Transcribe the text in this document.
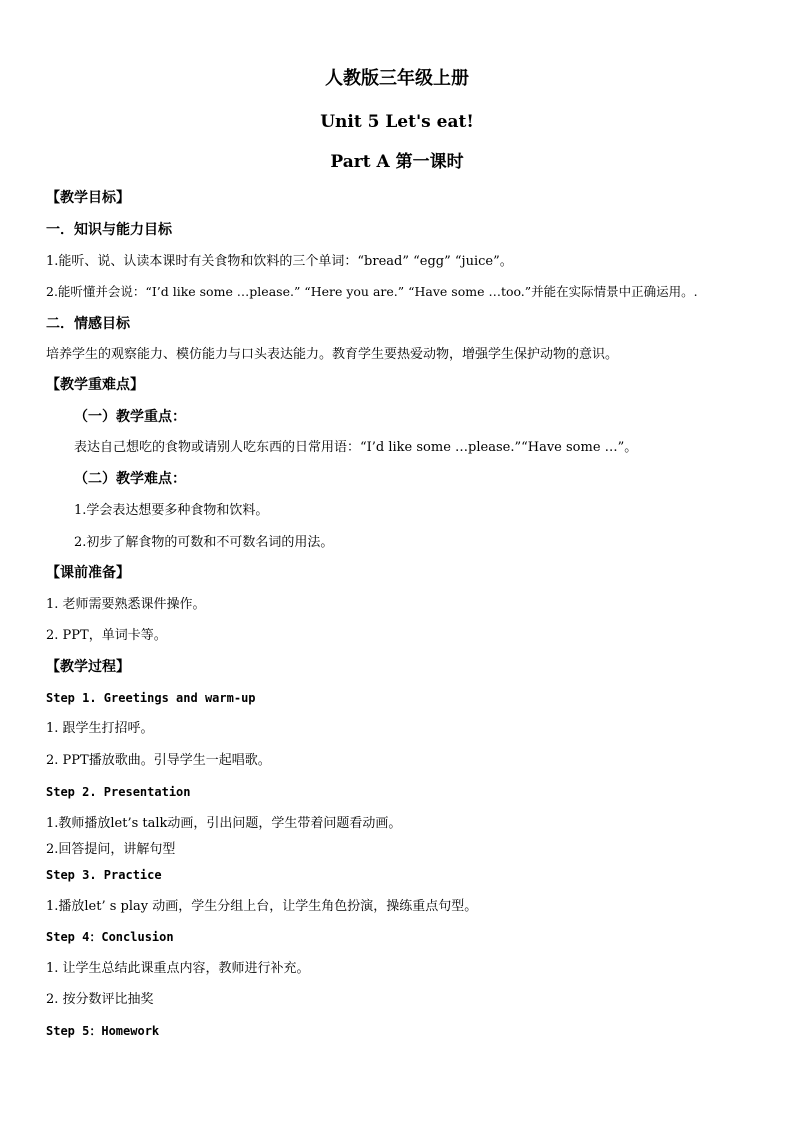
人教版三年级上册
Unit 5 Let's eat!
Part A 第一课时
【教学目标】
一．知识与能力目标
1.能听、说、认读本课时有关食物和饮料的三个单词：“bread” “egg” “juice”。
2.能听懂并会说：“I’d like some …please.” “Here you are.” “Have some …too.”并能在实际情景中正确运用。.
二．情感目标
培养学生的观察能力、模仿能力与口头表达能力。教育学生要热爱动物，增强学生保护动物的意识。
【教学重难点】
（一）教学重点：
表达自己想吃的食物或请别人吃东西的日常用语：“I’d like some …please.”“Have some …”。
（二）教学难点：
1.学会表达想要多种食物和饮料。
2.初步了解食物的可数和不可数名词的用法。
【课前准备】
1. 老师需要熟悉课件操作。
2. PPT，单词卡等。
【教学过程】
Step 1. Greetings and warm-up
1. 跟学生打招呼。
2. PPT播放歌曲。引导学生一起唱歌。
Step 2. Presentation
1.教师播放let’s talk动画，引出问题，学生带着问题看动画。
2.回答提问，讲解句型
Step 3. Practice
1.播放let’ s play 动画，学生分组上台，让学生角色扮演，操练重点句型。
Step 4：Conclusion
1. 让学生总结此课重点内容，教师进行补充。
2. 按分数评比抽奖
Step 5：Homework
